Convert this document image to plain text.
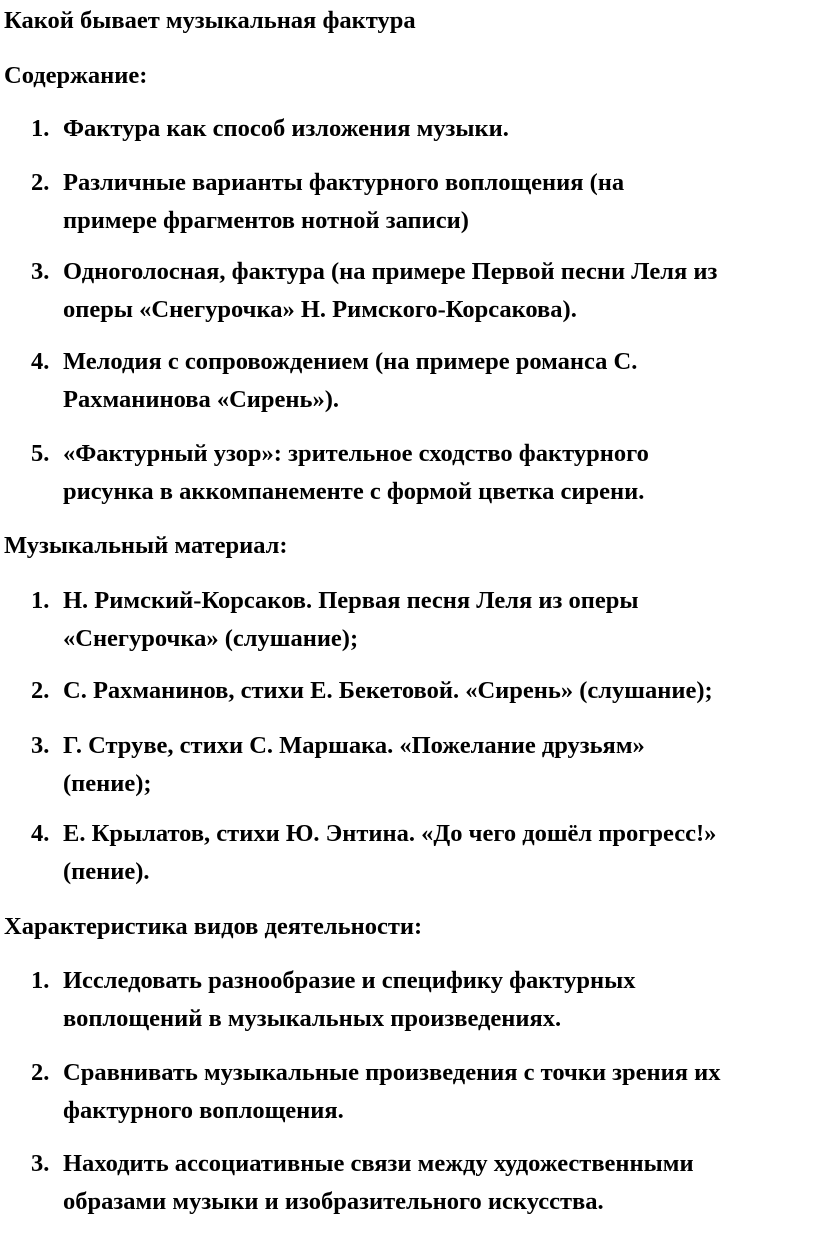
Какой бывает музыкальная фактура
Содержание:
1. Фактура как способ изложения музыки.
2. Различные варианты фактурного воплощения (на
примере фрагментов нотной записи)
3. Одноголосная, фактура (на примере Первой песни Леля из
оперы «Снегурочка» Н. Римского-Корсакова).
4. Мелодия с сопровождением (на примере романса С.
Рахманинова «Сирень»).
5. «Фактурный узор»: зрительное сходство фактурного
рисунка в аккомпанементе с формой цветка сирени.
Музыкальный материал:
1. Н. Римский-Корсаков. Первая песня Леля из оперы
«Снегурочка» (слушание);
2. С. Рахманинов, стихи Е. Бекетовой. «Сирень» (слушание);
3. Г. Струве, стихи С. Маршака. «Пожелание друзьям»
(пение);
4. Е. Крылатов, стихи Ю. Энтина. «До чего дошёл прогресс!»
(пение).
Характеристика видов деятельности:
1. Исследовать разнообразие и специфику фактурных
воплощений в музыкальных произведениях.
2. Сравнивать музыкальные произведения с точки зрения их
фактурного воплощения.
3. Находить ассоциативные связи между художественными
образами музыки и изобразительного искусства.
